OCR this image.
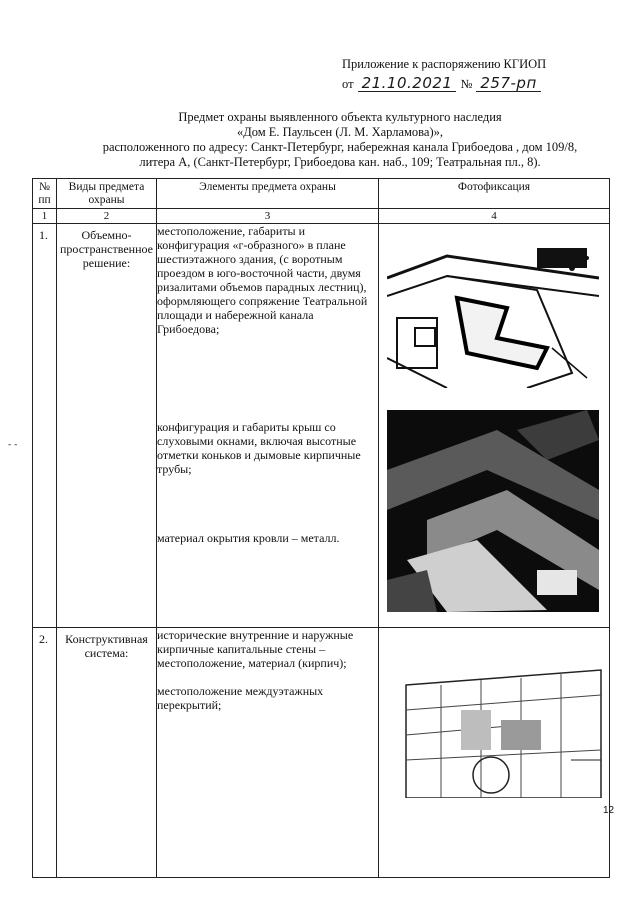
Приложение к распоряжению КГИОП
от 21.10.2021 № 257-рп
Предмет охраны выявленного объекта культурного наследия
«Дом Е. Паульсен (Л. М. Харламова)»,
расположенного по адресу: Санкт-Петербург, набережная канала Грибоедова , дом 109/8,
литера А, (Санкт-Петербург, Грибоедова кан. наб., 109; Театральная пл., 8).
- -
№ пп	Виды предмета охраны	Элементы предмета охраны	Фотофиксация
1	2	3	4
1.	Объемно-пространственное решение:	местоположение, габариты и конфигурация «г-образного» в плане шестиэтажного здания, (с воротным проездом в юго-восточной части, двумя ризалитами объемов парадных лестниц), оформляющего сопряжение Театральной площади и набережной канала Грибоедова;

конфигурация и габариты крыш со слуховыми окнами, включая высотные отметки коньков и дымовые кирпичные трубы;

материал окрытия кровли – металл.

2.	Конструктивная система:	исторические внутренние и наружные кирпичные капитальные стены – местоположение, материал (кирпич);

местоположение междуэтажных перекрытий;	12
